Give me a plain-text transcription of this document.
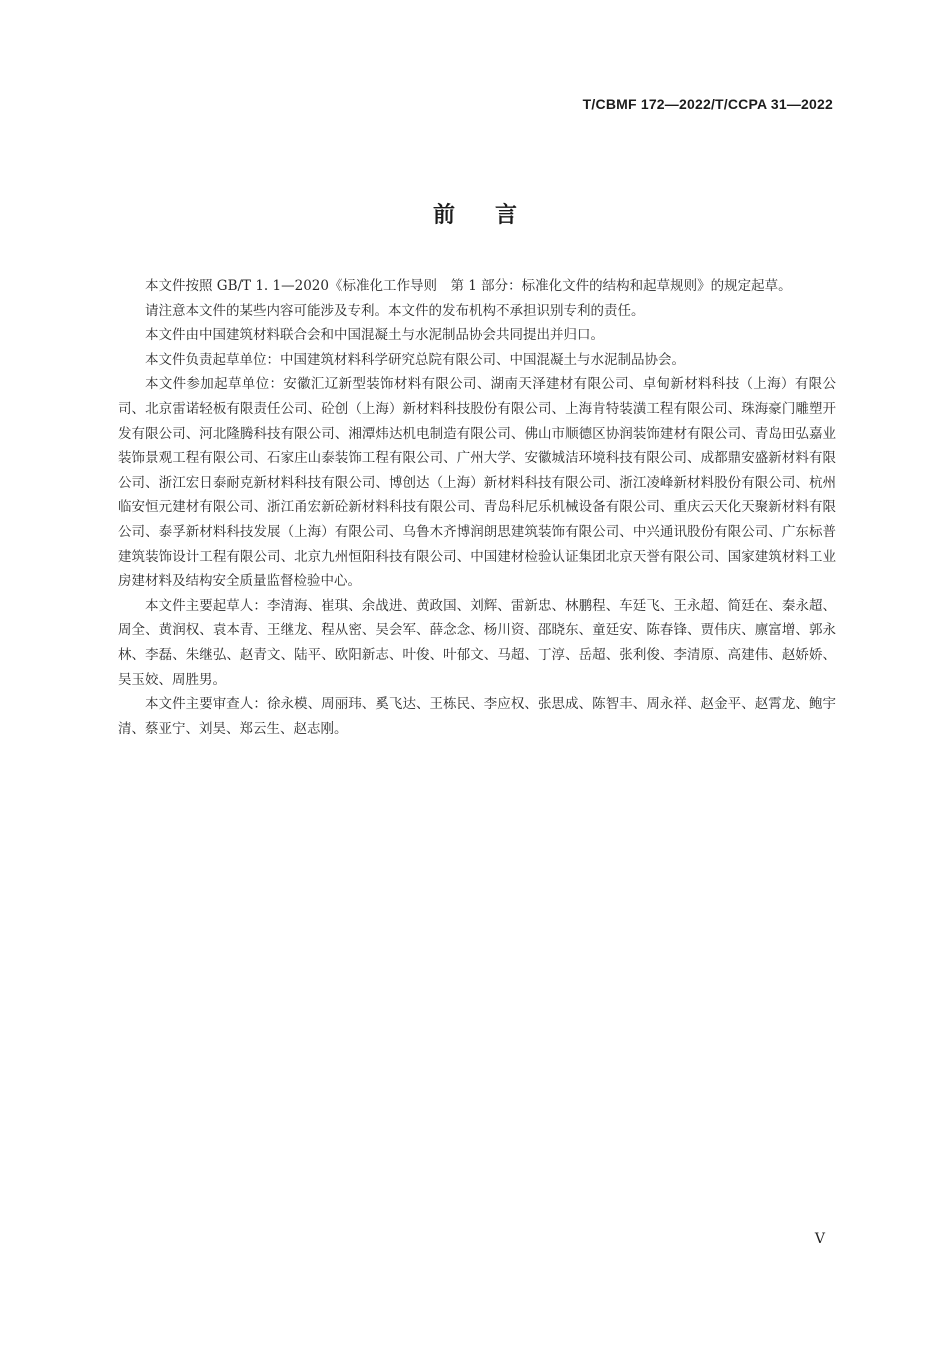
T/CBMF 172—2022/T/CCPA 31—2022
前言

本文件按照 GB/T 1. 1—2020《标准化工作导则　第 1 部分：标准化文件的结构和起草规则》的规定起草。

请注意本文件的某些内容可能涉及专利。本文件的发布机构不承担识别专利的责任。

本文件由中国建筑材料联合会和中国混凝土与水泥制品协会共同提出并归口。

本文件负责起草单位：中国建筑材料科学研究总院有限公司、中国混凝土与水泥制品协会。

本文件参加起草单位：安徽汇辽新型装饰材料有限公司、湖南天泽建材有限公司、卓甸新材料科技（上海）有限公司、北京雷诺轻板有限责任公司、砼创（上海）新材料科技股份有限公司、上海肯特装潢工程有限公司、珠海豪门雕塑开发有限公司、河北隆腾科技有限公司、湘潭炜达机电制造有限公司、佛山市顺德区协润装饰建材有限公司、青岛田弘嘉业装饰景观工程有限公司、石家庄山泰装饰工程有限公司、广州大学、安徽城洁环境科技有限公司、成都鼎安盛新材料有限公司、浙江宏日泰耐克新材料科技有限公司、博创达（上海）新材料科技有限公司、浙江凌峰新材料股份有限公司、杭州临安恒元建材有限公司、浙江甬宏新砼新材料科技有限公司、青岛科尼乐机械设备有限公司、重庆云天化天聚新材料有限公司、泰孚新材料科技发展（上海）有限公司、乌鲁木齐博润朗思建筑装饰有限公司、中兴通讯股份有限公司、广东标普建筑装饰设计工程有限公司、北京九州恒阳科技有限公司、中国建材检验认证集团北京天誉有限公司、国家建筑材料工业房建材料及结构安全质量监督检验中心。

本文件主要起草人：李清海、崔琪、余战进、黄政国、刘辉、雷新忠、林鹏程、车廷飞、王永超、简廷在、秦永超、周全、黄润权、袁本青、王继龙、程从密、吴会军、薛念念、杨川资、邵晓东、童廷安、陈春锋、贾伟庆、廪富增、郭永林、李磊、朱继弘、赵青文、陆平、欧阳新志、叶俊、叶郁文、马超、丁淳、岳超、张利俊、李清原、高建伟、赵娇娇、吴玉姣、周胜男。

本文件主要审查人：徐永模、周丽玮、奚飞达、王栋民、李应权、张思成、陈智丰、周永祥、赵金平、赵霄龙、鲍宇清、蔡亚宁、刘昊、郑云生、赵志刚。

V
